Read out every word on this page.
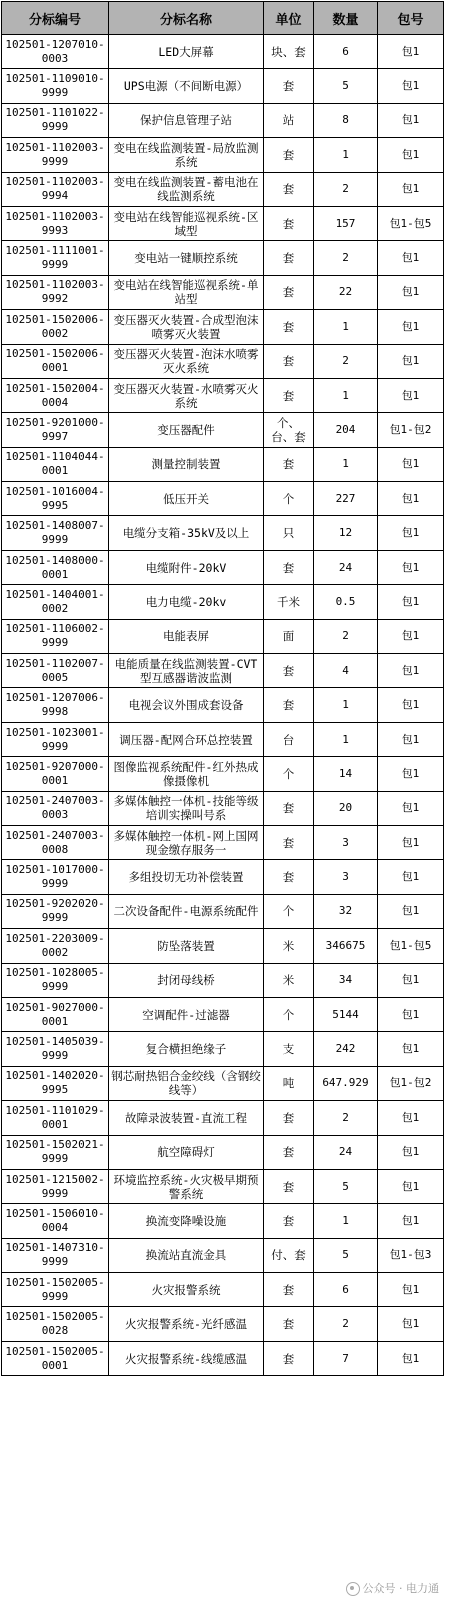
分标编号	分标名称	单位	数量	包号
102501-1207010-0003	LED大屏幕	块、套	6	包1
102501-1109010-9999	UPS电源（不间断电源）	套	5	包1
102501-1101022-9999	保护信息管理子站	站	8	包1
102501-1102003-9999	变电在线监测装置-局放监测系统	套	1	包1
102501-1102003-9994	变电在线监测装置-蓄电池在线监测系统	套	2	包1
102501-1102003-9993	变电站在线智能巡视系统-区域型	套	157	包1-包5
102501-1111001-9999	变电站一键顺控系统	套	2	包1
102501-1102003-9992	变电站在线智能巡视系统-单站型	套	22	包1
102501-1502006-0002	变压器灭火装置-合成型泡沫喷雾灭火装置	套	1	包1
102501-1502006-0001	变压器灭火装置-泡沫水喷雾灭火系统	套	2	包1
102501-1502004-0004	变压器灭火装置-水喷雾灭火系统	套	1	包1
102501-9201000-9997	变压器配件	个、台、套	204	包1-包2
102501-1104044-0001	测量控制装置	套	1	包1
102501-1016004-9995	低压开关	个	227	包1
102501-1408007-9999	电缆分支箱-35kV及以上	只	12	包1
102501-1408000-0001	电缆附件-20kV	套	24	包1
102501-1404001-0002	电力电缆-20kv	千米	0.5	包1
102501-1106002-9999	电能表屏	面	2	包1
102501-1102007-0005	电能质量在线监测装置-CVT型互感器谐波监测	套	4	包1
102501-1207006-9998	电视会议外围成套设备	套	1	包1
102501-1023001-9999	调压器-配网合环总控装置	台	1	包1
102501-9207000-0001	图像监视系统配件-红外热成像摄像机	个	14	包1
102501-2407003-0003	多媒体触控一体机-技能等级培训实操叫号系	套	20	包1
102501-2407003-0008	多媒体触控一体机-网上国网现金缴存服务一	套	3	包1
102501-1017000-9999	多组投切无功补偿装置	套	3	包1
102501-9202020-9999	二次设备配件-电源系统配件	个	32	包1
102501-2203009-0002	防坠落装置	米	346675	包1-包5
102501-1028005-9999	封闭母线桥	米	34	包1
102501-9027000-0001	空调配件-过滤器	个	5144	包1
102501-1405039-9999	复合横担绝缘子	支	242	包1
102501-1402020-9995	钢芯耐热铝合金绞线（含钢绞线等）	吨	647.929	包1-包2
102501-1101029-0001	故障录波装置-直流工程	套	2	包1
102501-1502021-9999	航空障碍灯	套	24	包1
102501-1215002-9999	环境监控系统-火灾极早期预警系统	套	5	包1
102501-1506010-0004	换流变降噪设施	套	1	包1
102501-1407310-9999	换流站直流金具	付、套	5	包1-包3
102501-1502005-9999	火灾报警系统	套	6	包1
102501-1502005-0028	火灾报警系统-光纤感温	套	2	包1
102501-1502005-0001	火灾报警系统-线缆感温	套	7	包1
公众号 · 电力通
